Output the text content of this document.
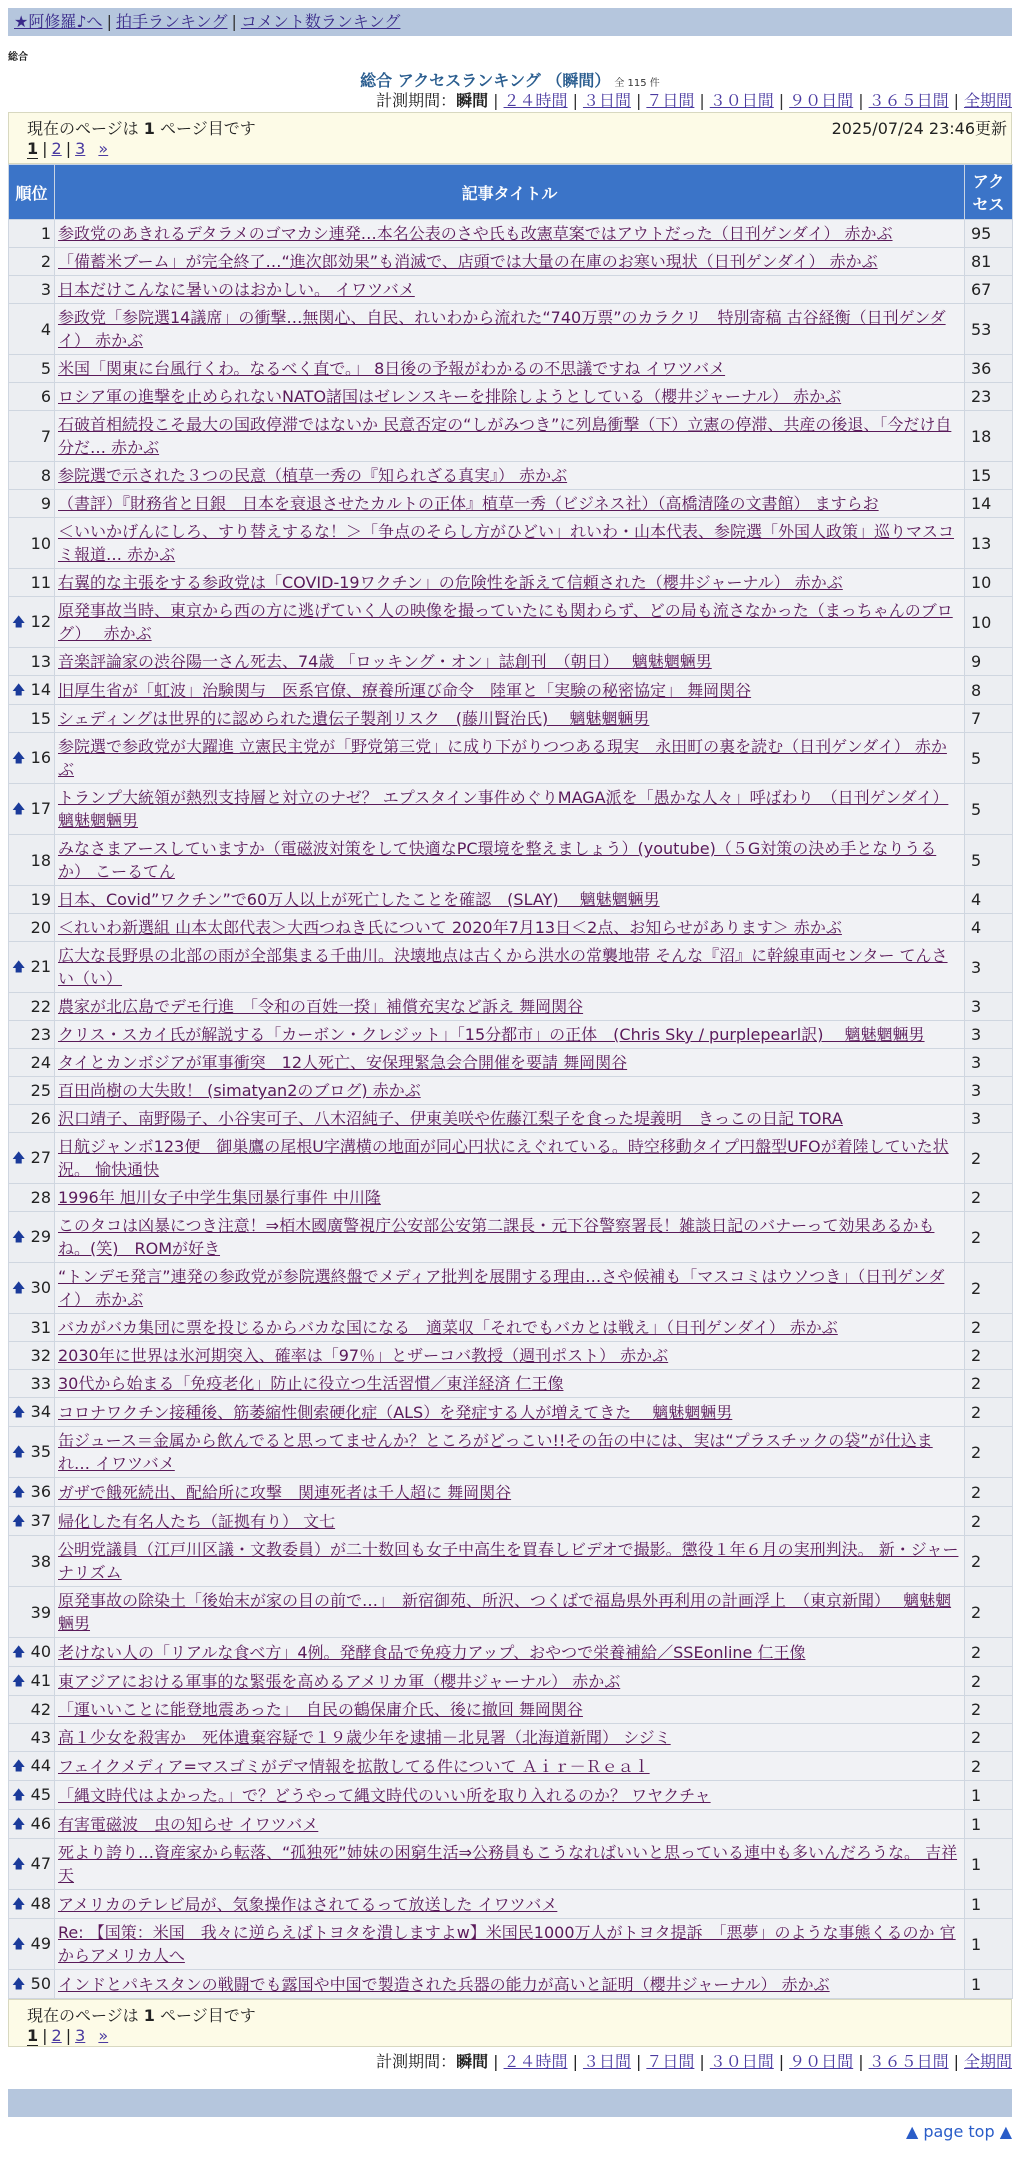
★阿修羅♪へ | 拍手ランキング | コメント数ランキング
総合
総合 アクセスランキング （瞬間） 全 115 件
計測期間：瞬間 | ２４時間 | ３日間 | ７日間 | ３０日間 | ９０日間 | ３６５日間 | 全期間
現在のページは 1 ページ目です	2025/07/24 23:46更新
1 | 2 | 3 »
順位	記事タイトル	アクセス
1	参政党のあきれるデタラメのゴマカシ連発…本名公表のさや氏も改憲草案ではアウトだった（日刊ゲンダイ） 赤かぶ	95
2	「備蓄米ブーム」が完全終了…“進次郎効果”も消滅で、店頭では大量の在庫のお寒い現状（日刊ゲンダイ） 赤かぶ	81
3	日本だけこんなに暑いのはおかしい。 イワツバメ	67
4	参政党「参院選14議席」の衝撃…無関心、自民、れいわから流れた“740万票”のカラクリ　特別寄稿 古谷経衡（日刊ゲンダイ） 赤かぶ	53
5	米国「関東に台風行くわ。なるべく直で。」 8日後の予報がわかるの不思議ですね イワツバメ	36
6	ロシア軍の進撃を止められないNATO諸国はゼレンスキーを排除しようとしている（櫻井ジャーナル） 赤かぶ	23
7	石破首相続投こそ最大の国政停滞ではないか 民意否定の“しがみつき”に列島衝撃（下）立憲の停滞、共産の後退、「今だけ自分だ… 赤かぶ	18
8	参院選で示された３つの民意（植草一秀の『知られざる真実』） 赤かぶ	15
9	（書評）『財務省と日銀　日本を衰退させたカルトの正体』植草一秀（ビジネス社）（高橋清隆の文書館） ますらお	14
10	＜いいかげんにしろ、すり替えするな！＞「争点のそらし方がひどい」れいわ・山本代表、参院選「外国人政策」巡りマスコミ報道… 赤かぶ	13
11	右翼的な主張をする参政党は「COVID-19ワクチン」の危険性を訴えて信頼された（櫻井ジャーナル） 赤かぶ	10

🡅 12	原発事故当時、東京から西の方に逃げていく人の映像を撮っていたにも関わらず、どの局も流さなかった（まっちゃんのブログ）　 赤かぶ	10
13	音楽評論家の渋谷陽一さん死去、74歳 「ロッキング・オン」誌創刊　（朝日）　 魑魅魍魎男	9

🡅 14	旧厚生省が「虹波」治験関与　医系官僚、療養所運び命令　陸軍と「実験の秘密協定」 舞岡関谷	8
15	シェディングは世界的に認められた遺伝子製剤リスク　(藤川賢治氏)　 魑魅魍魎男	7

🡅 16	参院選で参政党が大躍進 立憲民主党が「野党第三党」に成り下がりつつある現実　永田町の裏を読む（日刊ゲンダイ） 赤かぶ	5

🡅 17	トランプ大統領が熱烈支持層と対立のナゼ？ エプスタイン事件めぐりMAGA派を「愚かな人々」呼ばわり　（日刊ゲンダイ） 魑魅魍魎男	5
18	みなさまアースしていますか（電磁波対策をして快適なPC環境を整えましょう）(youtube)（５G対策の決め手となりうるか） こーるてん	5
19	日本、Covid”ワクチン”で60万人以上が死亡したことを確認　(SLAY)　 魑魅魍魎男	4
20	＜れいわ新選組 山本太郎代表＞大西つねき氏について 2020年7月13日＜2点、お知らせがあります＞ 赤かぶ	4

🡅 21	広大な長野県の北部の雨が全部集まる千曲川。決壊地点は古くから洪水の常襲地帯 そんな『沼』に幹線車両センター てんさい（い）	3
22	農家が北広島でデモ行進　「令和の百姓一揆」補償充実など訴え 舞岡関谷	3
23	クリス・スカイ氏が解説する「カーボン・クレジット」「15分都市」の正体　(Chris Sky / purplepearl訳)　 魑魅魍魎男	3
24	タイとカンボジアが軍事衝突　12人死亡、安保理緊急会合開催を要請 舞岡関谷	3
25	百田尚樹の大失敗！ (simatyan2のブログ) 赤かぶ	3
26	沢口靖子、南野陽子、小谷実可子、八木沼純子、伊東美咲や佐藤江梨子を食った堤義明　きっこの日記 TORA	3

🡅 27	日航ジャンボ123便　御巣鷹の尾根U字溝横の地面が同心円状にえぐれている。時空移動タイプ円盤型UFOが着陸していた状況。 愉快通快	2
28	1996年 旭川女子中学生集団暴行事件 中川隆	2

🡅 29	このタコは凶暴につき注意！⇒栢木國廣警視庁公安部公安第二課長・元下谷警察署長！雑談日記のバナーって効果あるかもね。(笑)　ROMが好き	2

🡅 30	“トンデモ発言”連発の参政党が参院選終盤でメディア批判を展開する理由…さや候補も「マスコミはウソつき」（日刊ゲンダイ） 赤かぶ	2
31	バカがバカ集団に票を投じるからバカな国になる　適菜収「それでもバカとは戦え」（日刊ゲンダイ） 赤かぶ	2
32	2030年に世界は氷河期突入、確率は「97％」とザーコバ教授（週刊ポスト） 赤かぶ	2
33	30代から始まる「免疫老化」防止に役立つ生活習慣／東洋経済 仁王像	2

🡅 34	コロナワクチン接種後、筋萎縮性側索硬化症（ALS）を発症する人が増えてきた　 魑魅魍魎男	2

🡅 35	缶ジュース＝金属から飲んでると思ってませんか？ところがどっこい!!その缶の中には、実は“プラスチックの袋”が仕込まれ… イワツバメ	2

🡅 36	ガザで餓死続出、配給所に攻撃　関連死者は千人超に 舞岡関谷	2

🡅 37	帰化した有名人たち（証拠有り） 文七	2
38	公明党議員（江戸川区議・文教委員）が二十数回も女子中高生を買春しビデオで撮影。懲役１年６月の実刑判決。 新・ジャーナリズム	2
39	原発事故の除染土「後始末が家の目の前で…」　新宿御苑、所沢、つくばで福島県外再利用の計画浮上　（東京新聞）　 魑魅魍魎男	2

🡅 40	老けない人の「リアルな食べ方」4例。発酵食品で免疫力アップ、おやつで栄養補給／SSEonline 仁王像	2

🡅 41	東アジアにおける軍事的な緊張を高めるアメリカ軍（櫻井ジャーナル） 赤かぶ	2
42	「運いいことに能登地震あった」　自民の鶴保庸介氏、後に撤回 舞岡関谷	2
43	高１少女を殺害か　死体遺棄容疑で１９歳少年を逮捕－北見署（北海道新聞） シジミ	2

🡅 44	フェイクメディア=マスゴミがデマ情報を拡散してる件について Ａｉｒ－Ｒｅａｌ	2

🡅 45	「縄文時代はよかった。」で？どうやって縄文時代のいい所を取り入れるのか？ ワヤクチャ	1

🡅 46	有害電磁波　虫の知らせ イワツバメ	1

🡅 47	死より誇り…資産家から転落、“孤独死”姉妹の困窮生活⇒公務員もこうなればいいと思っている連中も多いんだろうな。 吉祥天	1

🡅 48	アメリカのテレビ局が、気象操作はされてるって放送した イワツバメ	1

🡅 49	Re: 【国策：米国　我々に逆らえばトヨタを潰しますよw】米国民1000万人がトヨタ提訴　「悪夢」のような事態くるのか 官からアメリカ人へ	1

🡅 50	インドとパキスタンの戦闘でも露国や中国で製造された兵器の能力が高いと証明（櫻井ジャーナル） 赤かぶ	1
現在のページは 1 ページ目です
1 | 2 | 3 »
計測期間：瞬間 | ２４時間 | ３日間 | ７日間 | ３０日間 | ９０日間 | ３６５日間 | 全期間
▲ page top ▲
